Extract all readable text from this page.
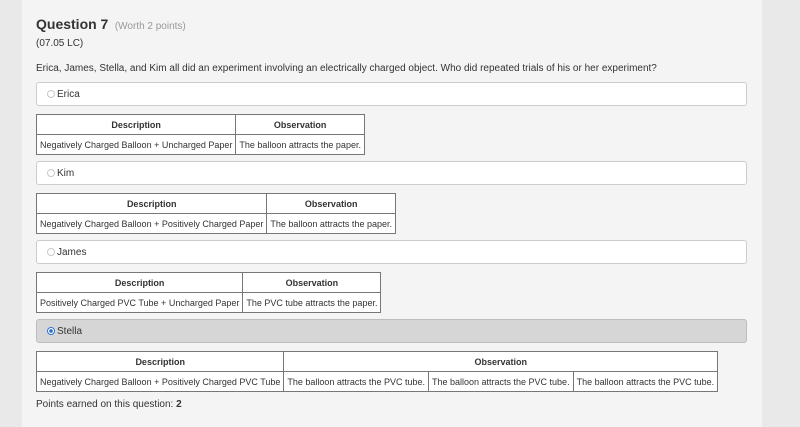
Question 7 (Worth 2 points)
(07.05 LC)
Erica, James, Stella, and Kim all did an experiment involving an electrically charged object. Who did repeated trials of his or her experiment?
Erica
Description	Observation
Negatively Charged Balloon + Uncharged Paper	The balloon attracts the paper.
Kim
Description	Observation
Negatively Charged Balloon + Positively Charged Paper	The balloon attracts the paper.
James
Description	Observation
Positively Charged PVC Tube + Uncharged Paper	The PVC tube attracts the paper.
Stella
Description	Observation		
Negatively Charged Balloon + Positively Charged PVC Tube	The balloon attracts the PVC tube.	The balloon attracts the PVC tube.	The balloon attracts the PVC tube.
Points earned on this question: 2
